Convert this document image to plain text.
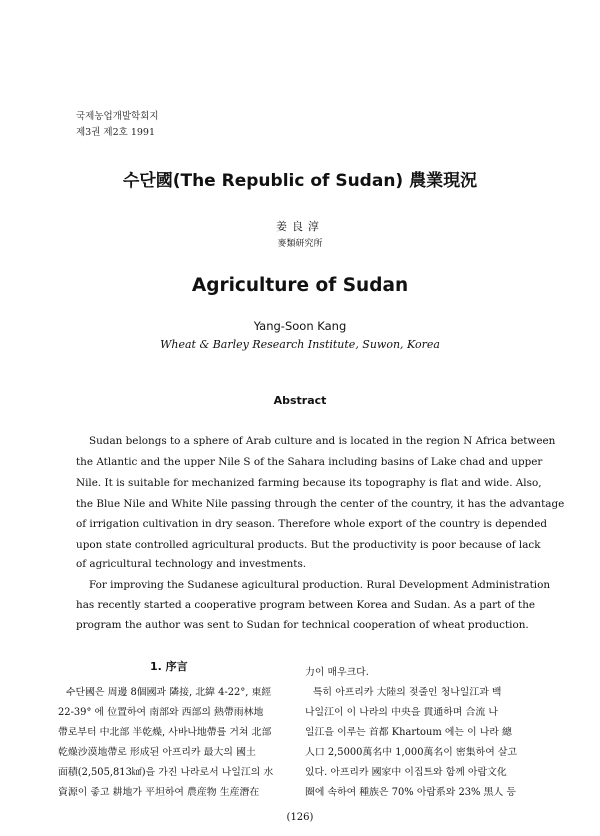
국제농업개발학회지
제3권 제2호 1991
수단國(The Republic of Sudan) 農業現況
姜良淳
麥類研究所
Agriculture of Sudan
Yang-Soon Kang
Wheat & Barley Research Institute, Suwon, Korea
Abstract
Sudan belongs to a sphere of Arab culture and is located in the region N Africa between
the Atlantic and the upper Nile S of the Sahara including basins of Lake chad and upper
Nile. It is suitable for mechanized farming because its topography is flat and wide. Also,
the Blue Nile and White Nile passing through the center of the country, it has the advantage
of irrigation cultivation in dry season. Therefore whole export of the country is depended
upon state controlled agricultural products. But the productivity is poor because of lack
of agricultural technology and investments.
For improving the Sudanese agicultural production. Rural Development Administration
has recently started a cooperative program between Korea and Sudan. As a part of the
program the author was sent to Sudan for technical cooperation of wheat production.
1. 序言
수단國은 周邊 8個國과 隣接, 北緯 4-22°, 東經
22-39° 에 位置하여 南部와 西部의 熱帶雨林地
帶로부터 中北部 半乾燥, 사바나地帶를 거쳐 北部
乾燥沙漠地帶로 形成된 아프리카 最大의 國土
面積(2,505,813㎢)을 가진 나라로서 나일江의 水
資源이 좋고 耕地가 平坦하여 農産物 生産潛在
力이 매우크다.
특히 아프리카 大陸의 젖줄인 청나일江과 백
나일江이 이 나라의 中央을 貫通하며 合流 나
일江을 이루는 首都 Khartoum 에는 이 나라 總
人口 2,5000萬名中 1,000萬名이 密集하여 살고
있다. 아프리카 國家中 이집트와 함께 아랍文化
圈에 속하여 種族은 70% 아랍系와 23% 黑人 등
(126)
